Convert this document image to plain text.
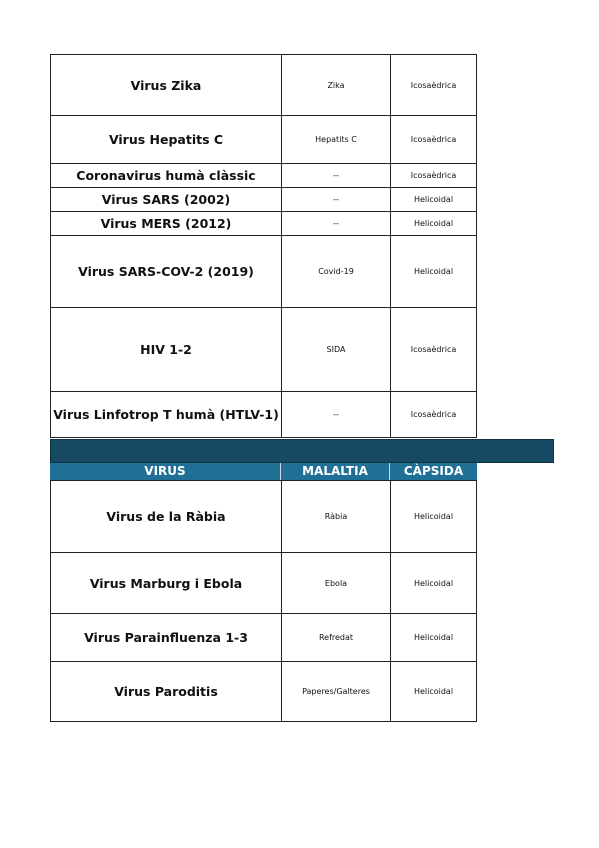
Virus Zika	Zika	Icosaèdrica
Virus Hepatits C	Hepatits C	Icosaèdrica
Coronavirus humà clàssic	--	Icosaèdrica
Virus SARS (2002)	--	Helicoidal
Virus MERS (2012)	--	Helicoidal
Virus SARS-COV-2 (2019)	Covid-19	Helicoidal
HIV 1-2	SIDA	Icosaèdrica
Virus Linfotrop T humà (HTLV-1)	--	Icosaèdrica
VIRUS	MALALTIA	CÀPSIDA
Virus de la Ràbia	Ràbia	Helicoidal
Virus Marburg i Ebola	Ebola	Helicoidal
Virus Parainfluenza 1-3	Refredat	Helicoidal
Virus Paroditis	Paperes/Galteres	Helicoidal
